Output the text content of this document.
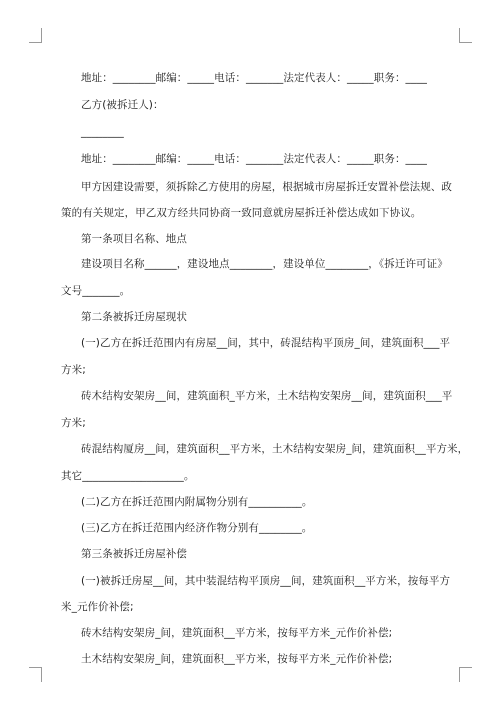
地址：________邮编：_____电话：_______法定代表人：_____职务：____
乙方(被拆迁人)：
________
地址：________邮编：_____电话：_______法定代表人：_____职务：____
甲方因建设需要，须拆除乙方使用的房屋，根据城市房屋拆迁安置补偿法规、政
策的有关规定，甲乙双方经共同协商一致同意就房屋拆迁补偿达成如下协议。
第一条项目名称、地点
建设项目名称______，建设地点________，建设单位________，《拆迁许可证》
文号_______。
第二条被拆迁房屋现状
(一)乙方在拆迁范围内有房屋__间，其中，砖混结构平顶房_间，建筑面积___平
方米;
砖木结构安架房__间，建筑面积_平方米，土木结构安架房__间，建筑面积___平
方米;
砖混结构厦房__间，建筑面积__平方米，土木结构安架房_间，建筑面积__平方米，
其它___________________。
(二)乙方在拆迁范围内附属物分别有__________。
(三)乙方在拆迁范围内经济作物分别有________。
第三条被拆迁房屋补偿
(一)被拆迁房屋__间，其中装混结构平顶房__间，建筑面积__平方米，按每平方
米_元作价补偿;
砖木结构安架房_间，建筑面积__平方米，按每平方米_元作价补偿;
土木结构安架房_间，建筑面积__平方米，按每平方米_元作价补偿;
